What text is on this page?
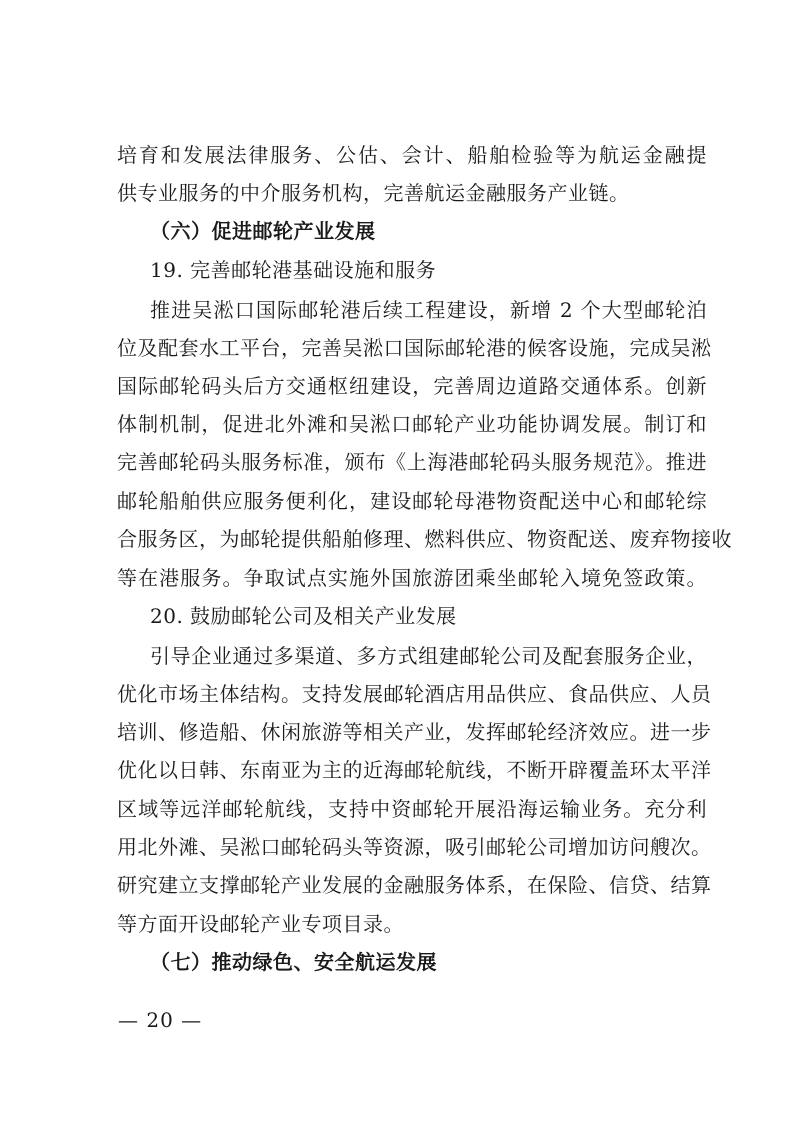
培育和发展法律服务、公估、会计、船舶检验等为航运金融提
供专业服务的中介服务机构，完善航运金融服务产业链。
（六）促进邮轮产业发展
19. 完善邮轮港基础设施和服务
推进吴淞口国际邮轮港后续工程建设，新增 2 个大型邮轮泊
位及配套水工平台，完善吴淞口国际邮轮港的候客设施，完成吴淞
国际邮轮码头后方交通枢纽建设，完善周边道路交通体系。创新
体制机制，促进北外滩和吴淞口邮轮产业功能协调发展。制订和
完善邮轮码头服务标准，颁布《上海港邮轮码头服务规范》。推进
邮轮船舶供应服务便利化，建设邮轮母港物资配送中心和邮轮综
合服务区，为邮轮提供船舶修理、燃料供应、物资配送、废弃物接收
等在港服务。争取试点实施外国旅游团乘坐邮轮入境免签政策。
20. 鼓励邮轮公司及相关产业发展
引导企业通过多渠道、多方式组建邮轮公司及配套服务企业，
优化市场主体结构。支持发展邮轮酒店用品供应、食品供应、人员
培训、修造船、休闲旅游等相关产业，发挥邮轮经济效应。进一步
优化以日韩、东南亚为主的近海邮轮航线，不断开辟覆盖环太平洋
区域等远洋邮轮航线，支持中资邮轮开展沿海运输业务。充分利
用北外滩、吴淞口邮轮码头等资源，吸引邮轮公司增加访问艘次。
研究建立支撑邮轮产业发展的金融服务体系，在保险、信贷、结算
等方面开设邮轮产业专项目录。
（七）推动绿色、安全航运发展
— 20 —
